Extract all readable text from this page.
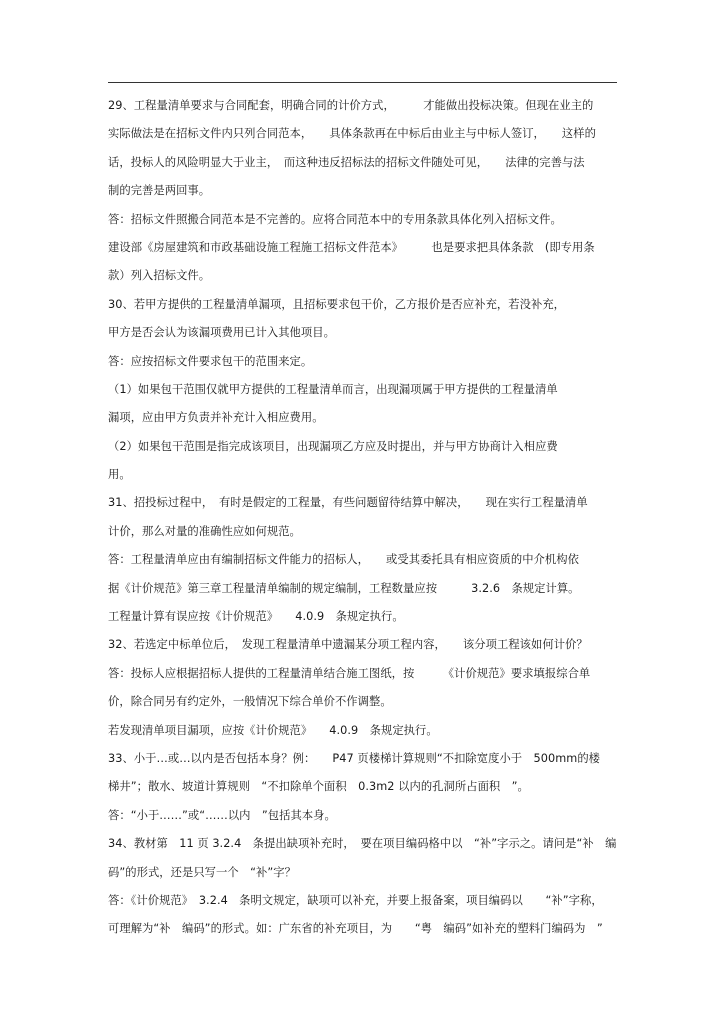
29、工程量清单要求与合同配套，明确合同的计价方式，　　　才能做出投标决策。但现在业主的
实际做法是在招标文件内只列合同范本，　　具体条款再在中标后由业主与中标人签订，　　这样的
话，投标人的风险明显大于业主，　而这种违反招标法的招标文件随处可见，　　法律的完善与法
制的完善是两回事。
答：招标文件照搬合同范本是不完善的。应将合同范本中的专用条款具体化列入招标文件。
建设部《房屋建筑和市政基础设施工程施工招标文件范本》　　　也是要求把具体条款　(即专用条
款）列入招标文件。
30、若甲方提供的工程量清单漏项，且招标要求包干价，乙方报价是否应补充，若没补充，
甲方是否会认为该漏项费用已计入其他项目。
答：应按招标文件要求包干的范围来定。
（1）如果包干范围仅就甲方提供的工程量清单而言，出现漏项属于甲方提供的工程量清单
漏项，应由甲方负责并补充计入相应费用。
（2）如果包干范围是指完成该项目，出现漏项乙方应及时提出，并与甲方协商计入相应费
用。
31、招投标过程中，　有时是假定的工程量，有些问题留待结算中解决，　　现在实行工程量清单
计价，那么对量的准确性应如何规范。
答：工程量清单应由有编制招标文件能力的招标人，　　或受其委托具有相应资质的中介机构依
据《计价规范》第三章工程量清单编制的规定编制，工程数量应按　　　3.2.6　条规定计算。
工程量计算有误应按《计价规范》　　4.0.9　条规定执行。
32、若选定中标单位后，　发现工程量清单中遗漏某分项工程内容，　　该分项工程该如何计价？
答：投标人应根据招标人提供的工程量清单结合施工图纸，按　　　《计价规范》要求填报综合单
价，除合同另有约定外，一般情况下综合单价不作调整。
若发现清单项目漏项，应按《计价规范》　　4.0.9　条规定执行。
33、小于…或…以内是否包括本身？例：　　P47 页楼梯计算规则“不扣除宽度小于　500mm的楼
梯井”；散水、坡道计算规则　“不扣除单个面积　0.3m2 以内的孔洞所占面积　”。
答：“小于……”或“……以内　”包括其本身。
34、教材第　11 页 3.2.4　条提出缺项补充时，　要在项目编码格中以　“补”字示之。请问是“补　编
码”的形式，还是只写一个　“补”字？
答：《计价规范》　3.2.4　条明文规定，缺项可以补充，并要上报备案，项目编码以　　“补”字称，
可理解为“补　编码”的形式。如：广东省的补充项目，为　　“粤　编码”如补充的塑料门编码为　”
